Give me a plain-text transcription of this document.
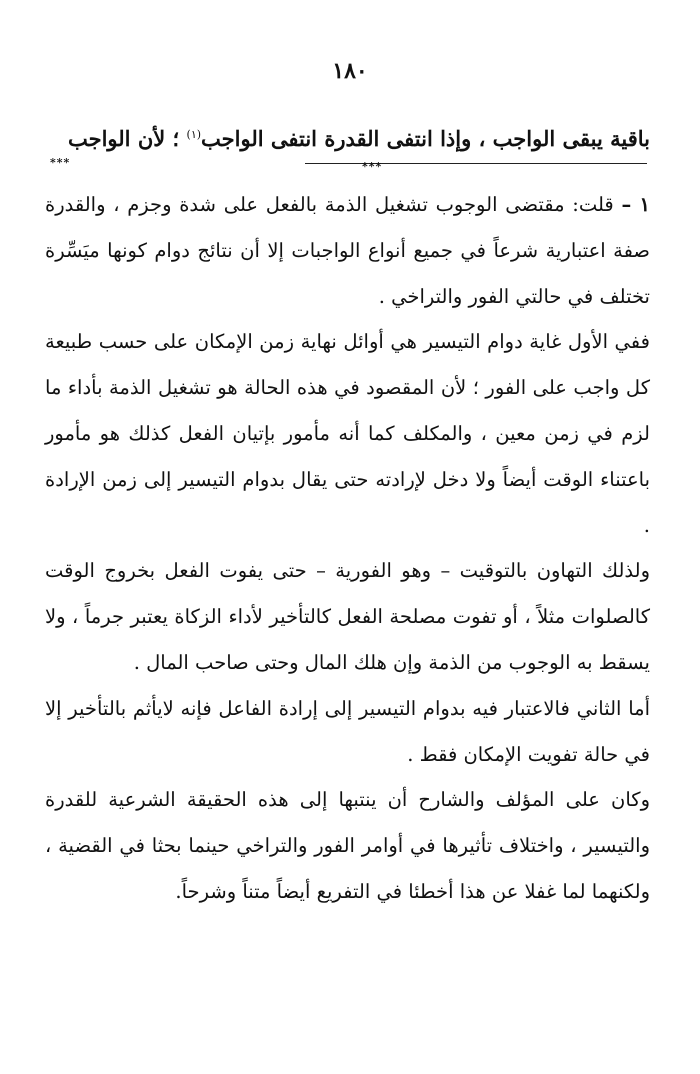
١٨٠
باقية يبقى الواجب ، وإذا انتفى القدرة انتفى الواجب$^{(١)}$ ؛ لأن الواجب
***	***

١ – قلت: مقتضى الوجوب تشغيل الذمة بالفعل على شدة وجزم ، والقدرة صفة اعتبارية شرعاً في جميع أنواع الواجبات إلا أن نتائج دوام كونها ميَسِّرة تختلف في حالتي الفور والتراخي .

ففي الأول غاية دوام التيسير هي أوائل نهاية زمن الإمكان على حسب طبيعة كل واجب على الفور ؛ لأن المقصود في هذه الحالة هو تشغيل الذمة بأداء ما لزم في زمن معين ، والمكلف كما أنه مأمور بإتيان الفعل كذلك هو مأمور باعتناء الوقت أيضاً ولا دخل لإرادته حتى يقال بدوام التيسير إلى زمن الإرادة .

ولذلك التهاون بالتوقيت – وهو الفورية – حتى يفوت الفعل بخروج الوقت كالصلوات مثلاً ، أو تفوت مصلحة الفعل كالتأخير لأداء الزكاة يعتبر جرماً ، ولا يسقط به الوجوب من الذمة وإن هلك المال وحتى صاحب المال .

أما الثاني فالاعتبار فيه بدوام التيسير إلى إرادة الفاعل فإنه لايأثم بالتأخير إلا في حالة تفويت الإمكان فقط .

وكان على المؤلف والشارح أن ينتبها إلى هذه الحقيقة الشرعية للقدرة والتيسير ، واختلاف تأثيرها في أوامر الفور والتراخي حينما بحثا في القضية ، ولكنهما لما غفلا عن هذا أخطئا في التفريع أيضاً متناً وشرحاً.
